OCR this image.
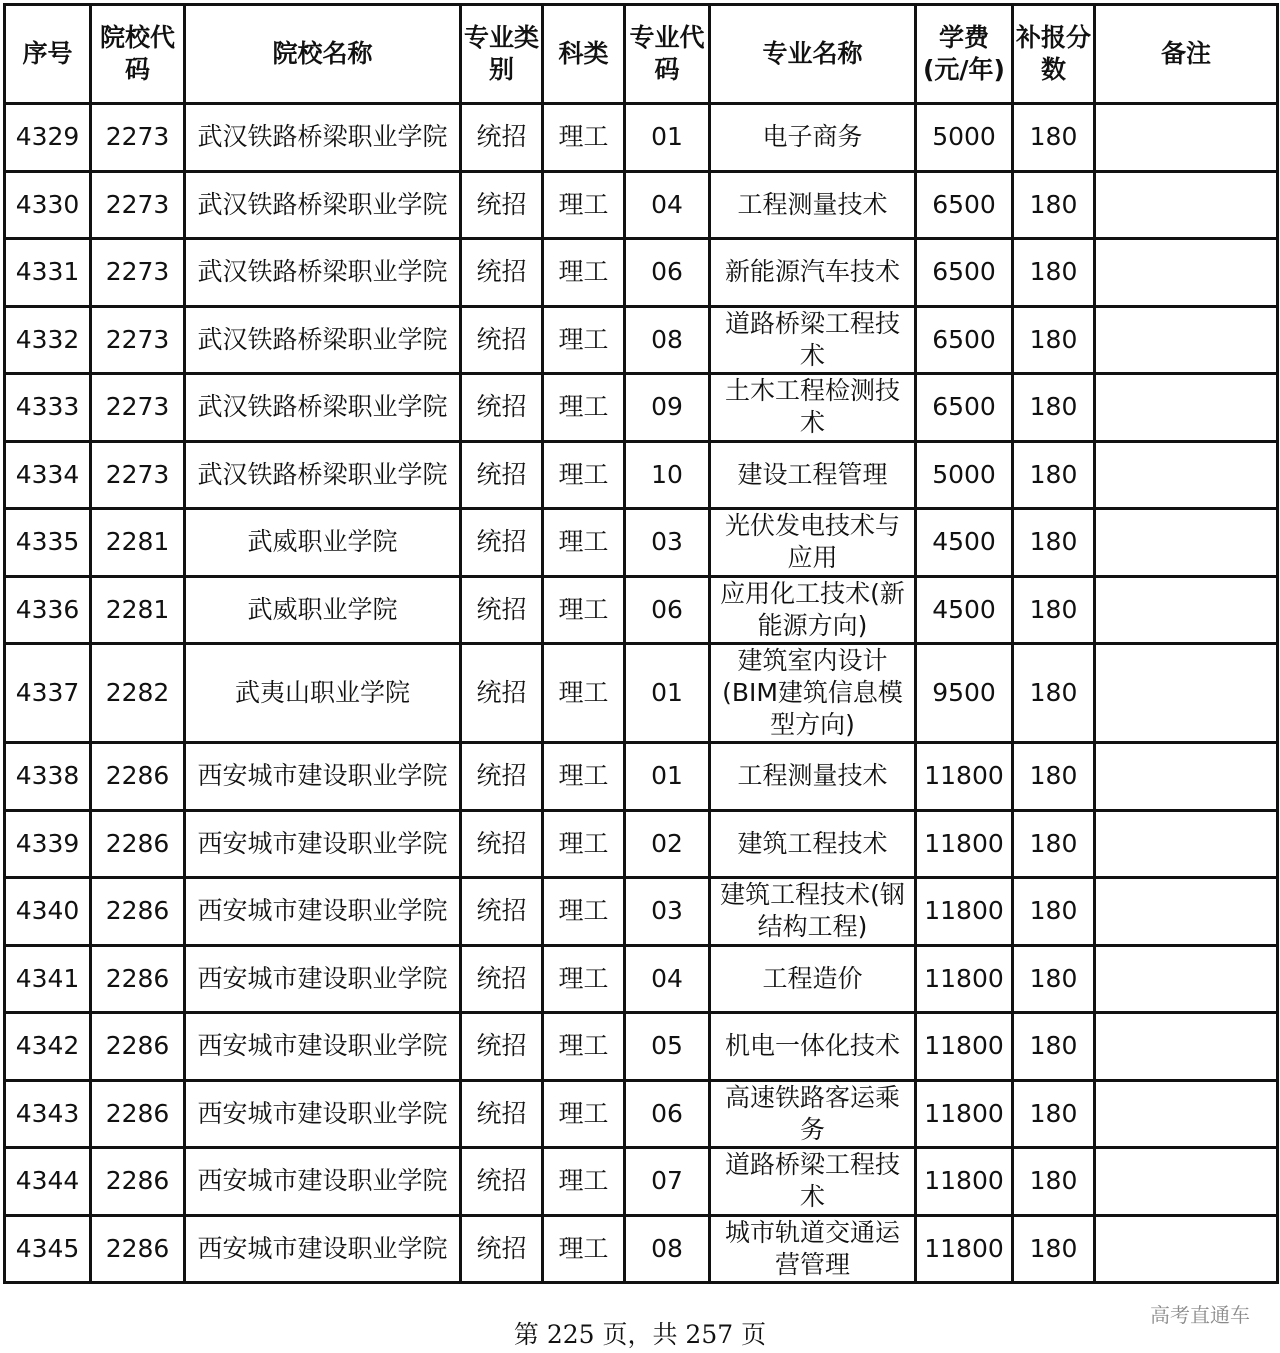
序号	院校代码	院校名称	专业类别	科类	专业代码	专业名称	学费(元/年)	补报分数	备注
4329	2273	武汉铁路桥梁职业学院	统招	理工	01	电子商务	5000	180	
4330	2273	武汉铁路桥梁职业学院	统招	理工	04	工程测量技术	6500	180	
4331	2273	武汉铁路桥梁职业学院	统招	理工	06	新能源汽车技术	6500	180	
4332	2273	武汉铁路桥梁职业学院	统招	理工	08	道路桥梁工程技术	6500	180	
4333	2273	武汉铁路桥梁职业学院	统招	理工	09	土木工程检测技术	6500	180	
4334	2273	武汉铁路桥梁职业学院	统招	理工	10	建设工程管理	5000	180	
4335	2281	武威职业学院	统招	理工	03	光伏发电技术与应用	4500	180	
4336	2281	武威职业学院	统招	理工	06	应用化工技术(新能源方向)	4500	180	
4337	2282	武夷山职业学院	统招	理工	01	建筑室内设计(BIM建筑信息模型方向)	9500	180	
4338	2286	西安城市建设职业学院	统招	理工	01	工程测量技术	11800	180	
4339	2286	西安城市建设职业学院	统招	理工	02	建筑工程技术	11800	180	
4340	2286	西安城市建设职业学院	统招	理工	03	建筑工程技术(钢结构工程)	11800	180	
4341	2286	西安城市建设职业学院	统招	理工	04	工程造价	11800	180	
4342	2286	西安城市建设职业学院	统招	理工	05	机电一体化技术	11800	180	
4343	2286	西安城市建设职业学院	统招	理工	06	高速铁路客运乘务	11800	180	
4344	2286	西安城市建设职业学院	统招	理工	07	道路桥梁工程技术	11800	180	
4345	2286	西安城市建设职业学院	统招	理工	08	城市轨道交通运营管理	11800	180	
第 225 页，共 257 页
高考直通车
